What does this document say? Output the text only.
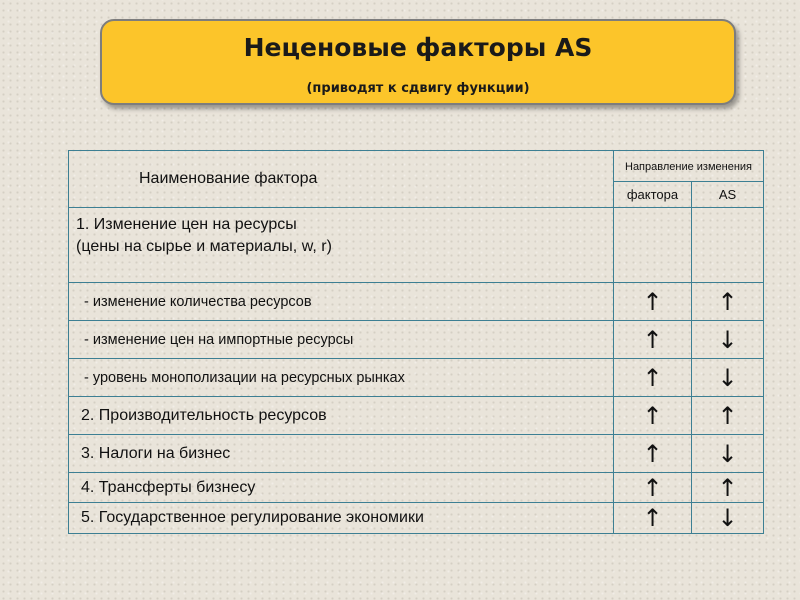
Неценовые факторы AS
(приводят к сдвигу функции)
Наименование фактора	Направление изменения	
	фактора	AS

1. Изменение цен на ресурсы
(цены на сырье и материалы, w, r)		

- изменение количества ресурсов	↑	↑
- изменение цен на импортные ресурсы	↑	↓
- уровень монополизации на ресурсных рынках	↑	↓
2. Производительность ресурсов	↑	↑
3. Налоги на бизнес	↑	↓
4. Трансферты бизнесу	↑	↑
5. Государственное регулирование экономики	↑	↓
